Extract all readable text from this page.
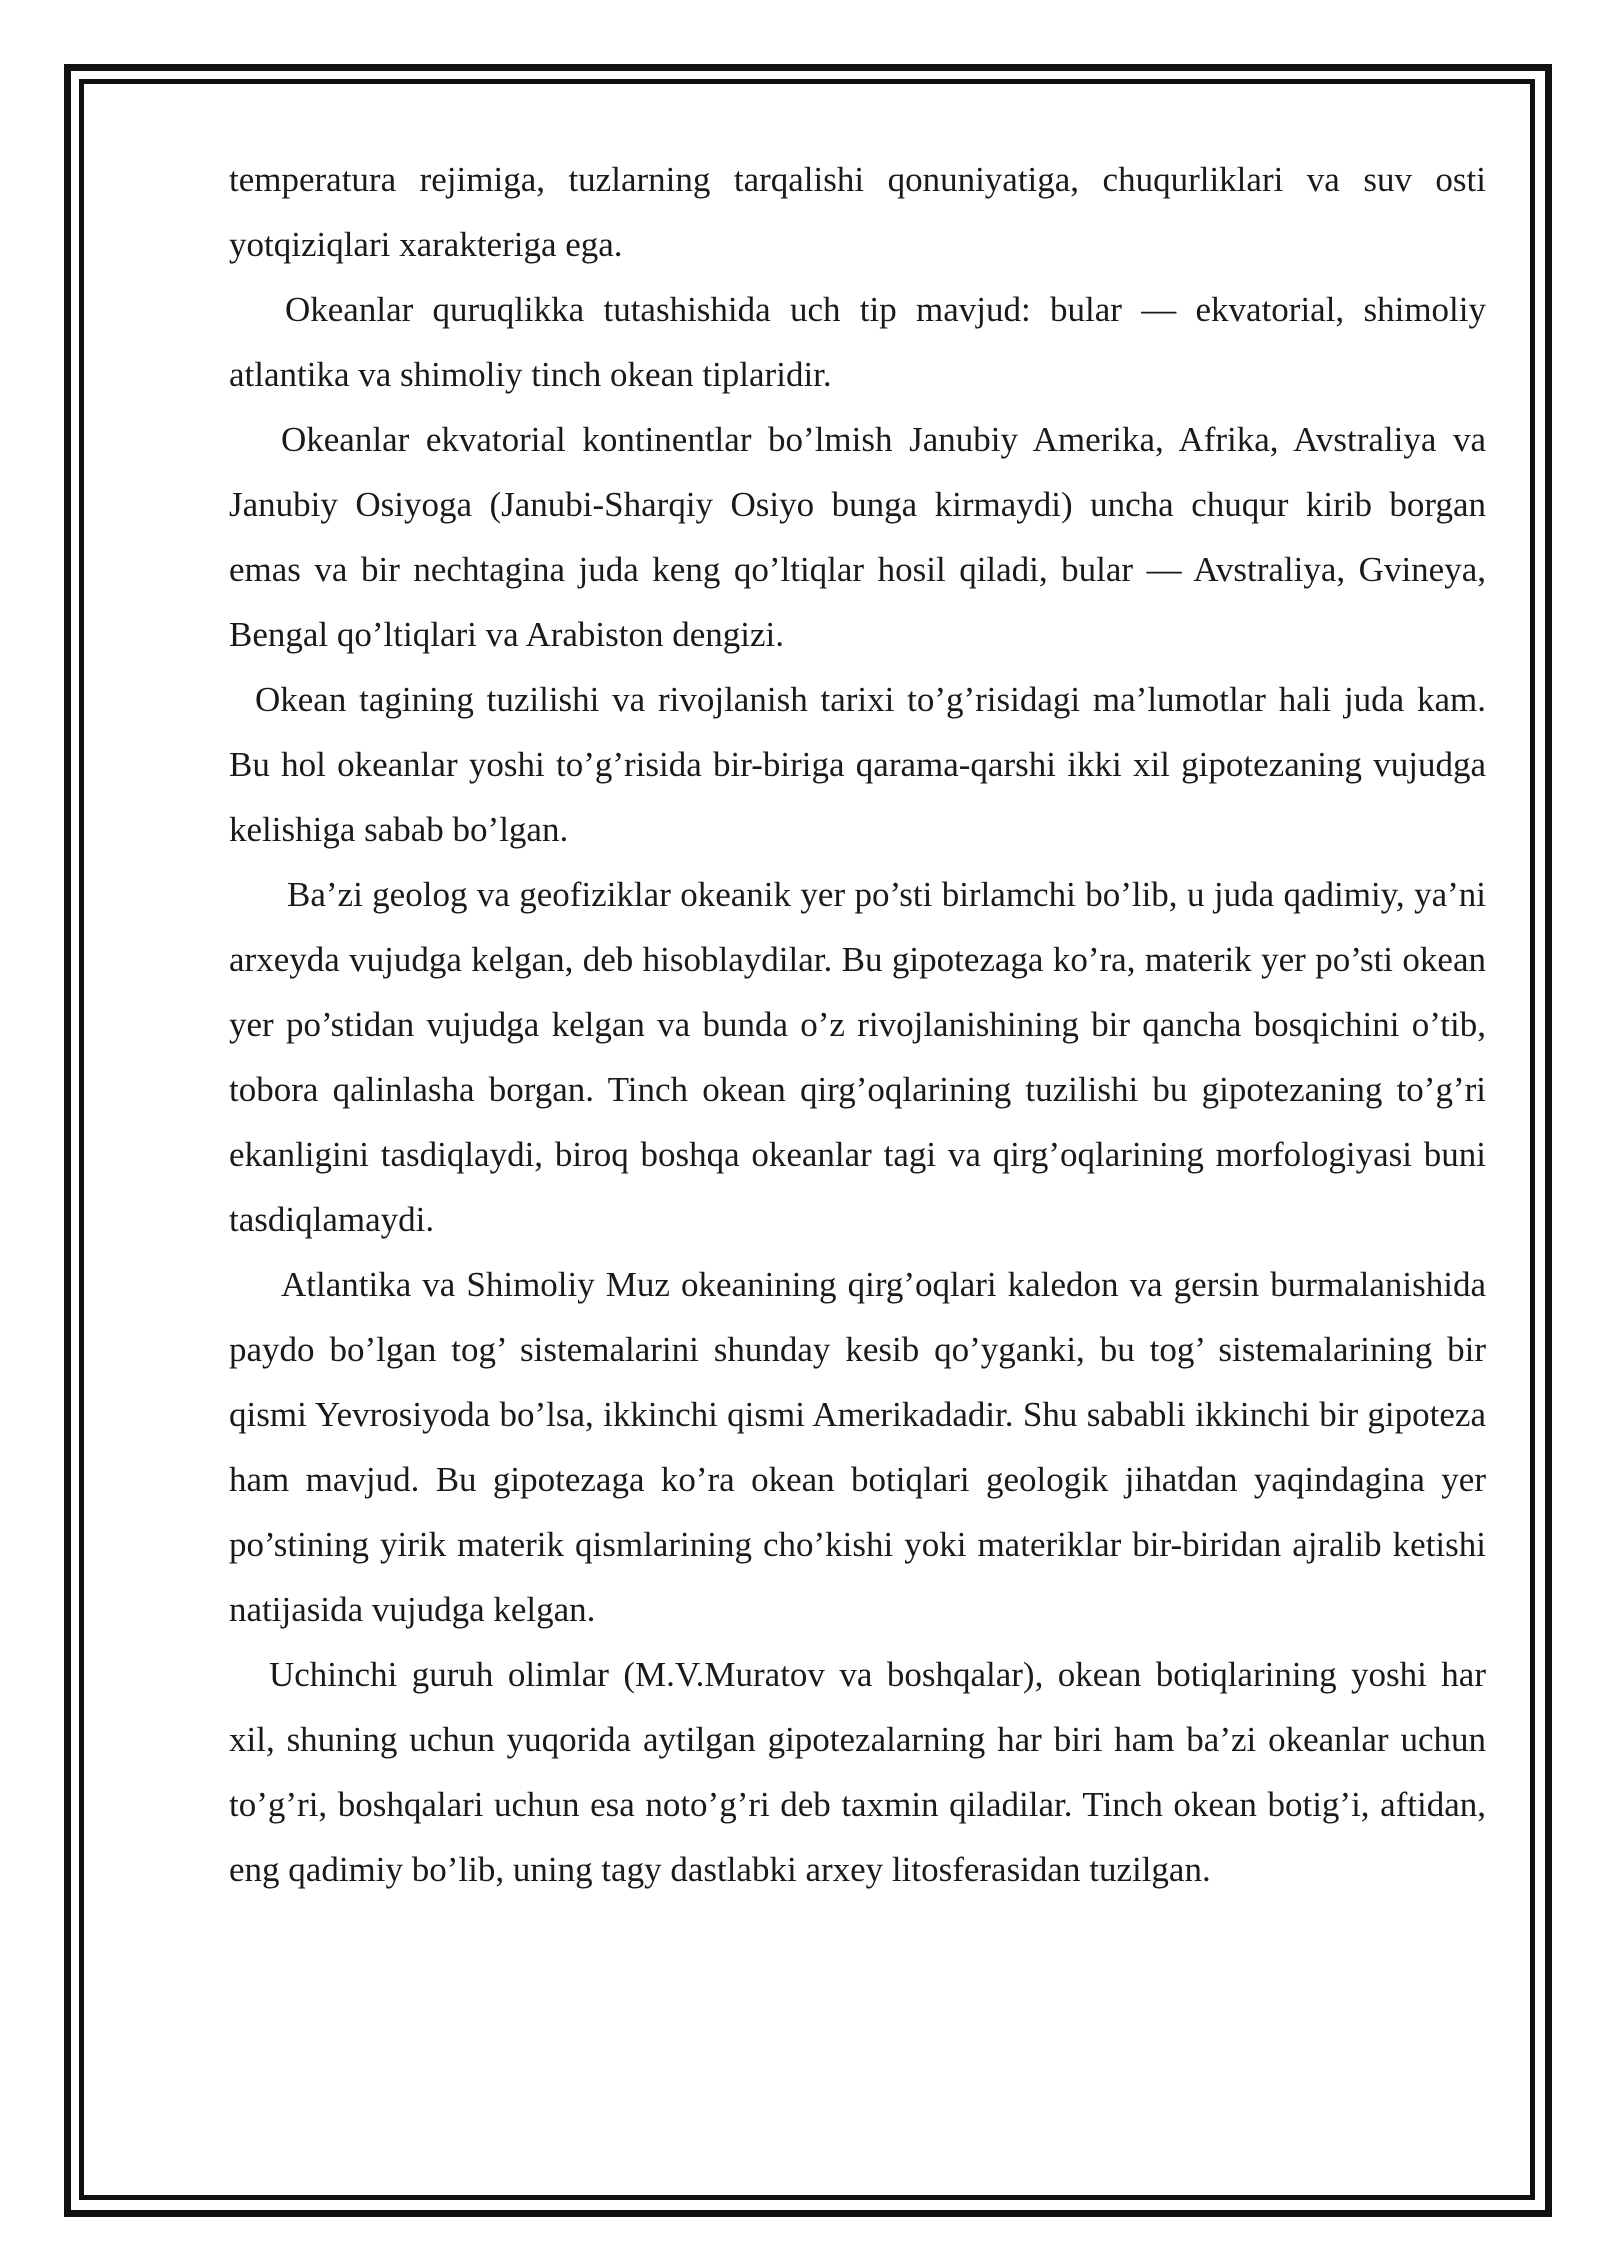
temperatura rejimiga, tuzlarning tarqalishi qonuniyatiga, chuqurliklari va suv osti yotqiziqlari xarakteriga ega.

Okeanlar quruqlikka tutashishida uch tip mavjud: bular — ekvatorial, shimoliy atlantika va shimoliy tinch okean tiplaridir.

Okeanlar ekvatorial kontinentlar bo’lmish Janubiy Amerika, Afrika, Avstraliya va Janubiy Osiyoga (Janubi-Sharqiy Osiyo bunga kirmaydi) uncha chuqur kirib borgan emas va bir nechtagina juda keng qo’ltiqlar hosil qiladi, bular — Avstraliya, Gvineya, Bengal qo’ltiqlari va Arabiston dengizi.

Okean tagining tuzilishi va rivojlanish tarixi to’g’risidagi ma’lumotlar hali juda kam. Bu hol okeanlar yoshi to’g’risida bir-biriga qarama-qarshi ikki xil gipotezaning vujudga kelishiga sabab bo’lgan.

Ba’zi geolog va geofiziklar okeanik yer po’sti birlamchi bo’lib, u juda qadimiy, ya’ni arxeyda vujudga kelgan, deb hisoblaydilar. Bu gipotezaga ko’ra, materik yer po’sti okean yer po’stidan vujudga kelgan va bunda o’z rivojlanishining bir qancha bosqichini o’tib, tobora qalinlasha borgan. Tinch okean qirg’oqlarining tuzilishi bu gipotezaning to’g’ri ekanligini tasdiqlaydi, biroq boshqa okeanlar tagi va qirg’oqlarining morfologiyasi buni tasdiqlamaydi.

Atlantika va Shimoliy Muz okeanining qirg’oqlari kaledon va gersin burmalanishida paydo bo’lgan tog’ sistemalarini shunday kesib qo’yganki, bu tog’ sistemalarining bir qismi Yevrosiyoda bo’lsa, ikkinchi qismi Amerikadadir. Shu sababli ikkinchi bir gipoteza ham mavjud. Bu gipotezaga ko’ra okean botiqlari geologik jihatdan yaqindagina yer po’stining yirik materik qismlarining cho’kishi yoki materiklar bir-biridan ajralib ketishi natijasida vujudga kelgan.

Uchinchi guruh olimlar (M.V.Muratov va boshqalar), okean botiqlarining yoshi har xil, shuning uchun yuqorida aytilgan gipotezalarning har biri ham ba’zi okeanlar uchun to’g’ri, boshqalari uchun esa noto’g’ri deb taxmin qiladilar. Tinch okean botig’i, aftidan, eng qadimiy bo’lib, uning tagy dastlabki arxey litosferasidan tuzilgan.
